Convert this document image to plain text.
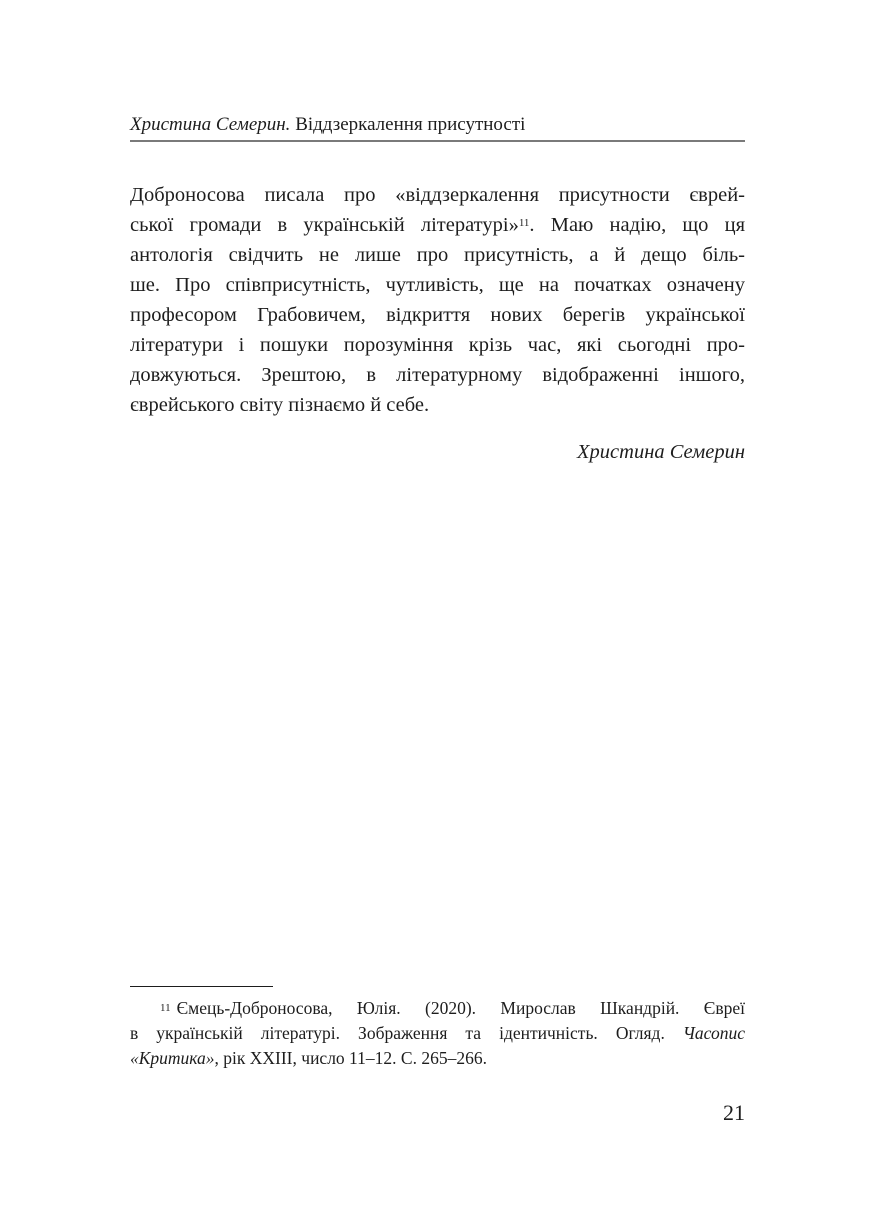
Христина Семерин. Віддзеркалення присутності
Доброносова писала про «віддзеркалення присутности єврей-
ської громади в українській літературі»$^{11}$. Маю надію, що ця
антологія свідчить не лише про присутність, а й дещо біль-
ше. Про співприсутність, чутливість, ще на початках означену
професором Грабовичем, відкриття нових берегів української
літератури і пошуки порозуміння крізь час, які сьогодні про-
довжуються. Зрештою, в літературному відображенні іншого,
єврейського світу пізнаємо й себе.
Христина Семерин
$^{11}$ Ємець-Доброносова, Юлія. (2020). Мирослав Шкандрій. Євреї
в українській літературі. Зображення та ідентичність. Огляд. Часопис
«Критика», рік XXIII, число 11–12. С. 265–266.
21
